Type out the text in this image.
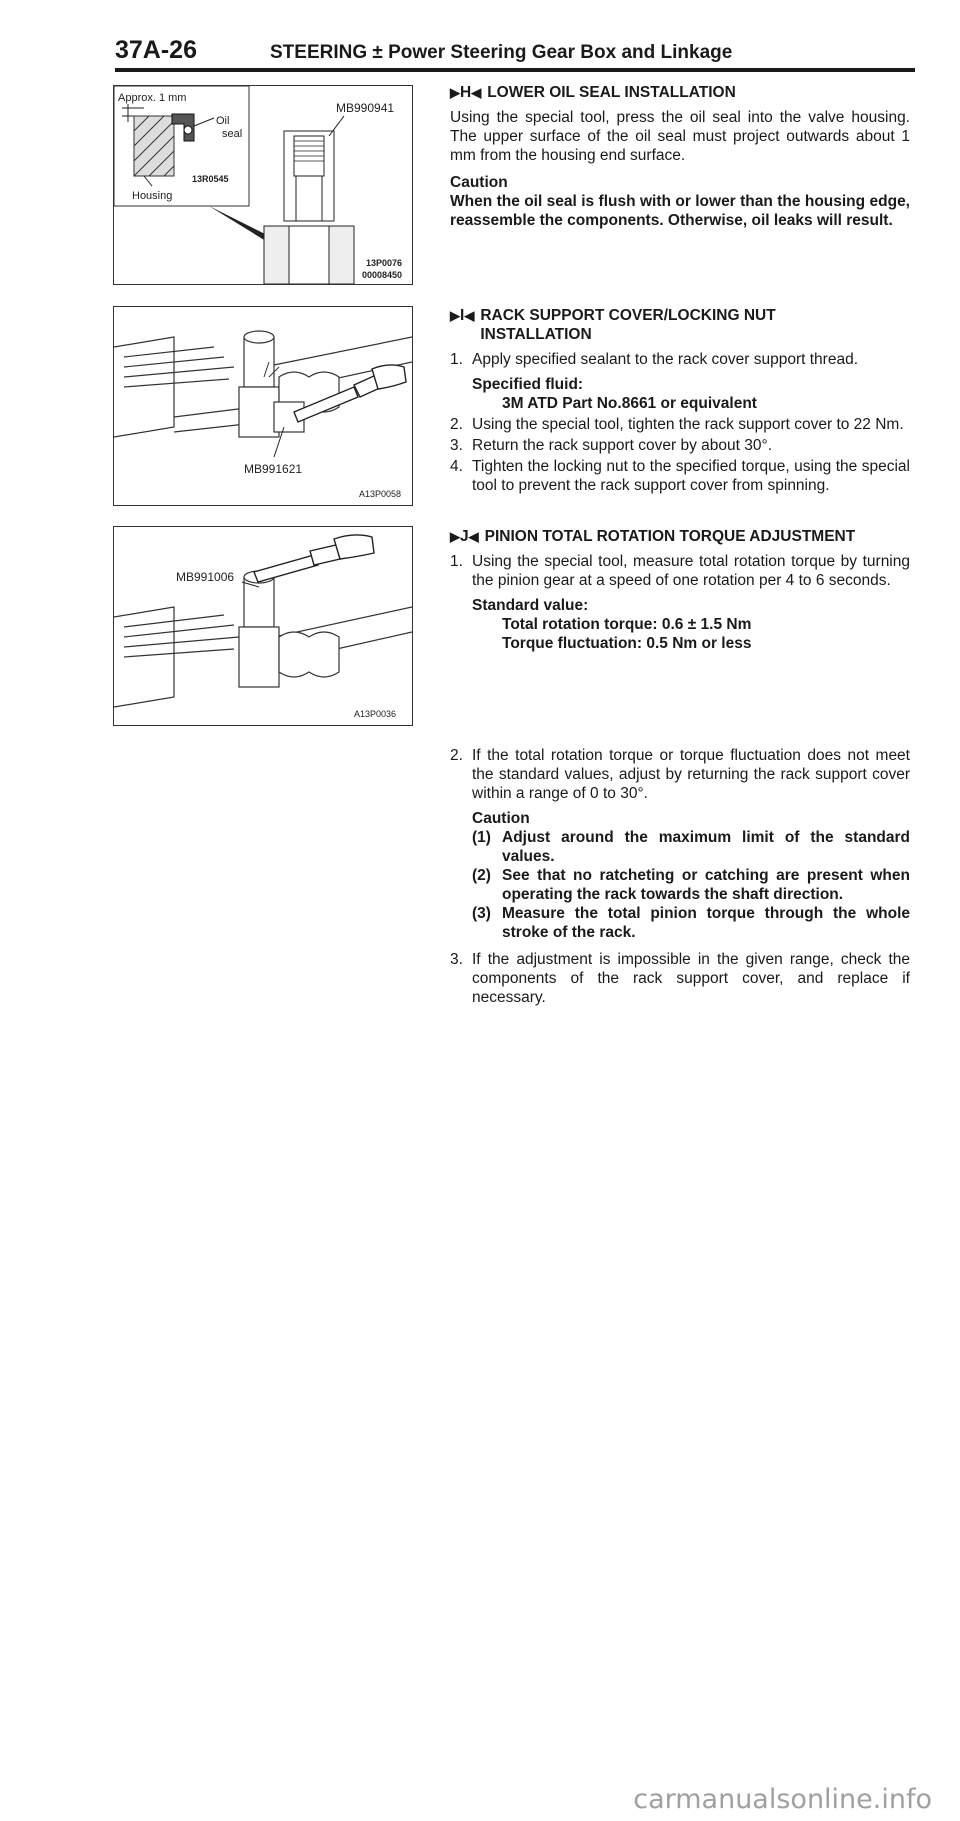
37A-26	STEERING ± Power Steering Gear Box and Linkage
Approx. 1 mm
Oil
seal
Housing
13R0545
MB990941
13P0076
00008450
MB991621
A13P0058
MB991006
A13P0036
▶ H ◀ LOWER OIL SEAL INSTALLATION
Using the special tool, press the oil seal into the valve housing. The upper surface of the oil seal must project outwards about 1 mm from the housing end surface.
Caution
When the oil seal is flush with or lower than the housing edge, reassemble the components. Otherwise, oil leaks will result.
▶ I ◀ RACK SUPPORT COVER/LOCKING NUT
INSTALLATION
1. Apply specified sealant to the rack cover support thread.
Specified fluid:
3M ATD Part No.8661 or equivalent
2. Using the special tool, tighten the rack support cover to 22 Nm.
3. Return the rack support cover by about 30°.
4. Tighten the locking nut to the specified torque, using the special tool to prevent the rack support cover from spinning.
▶ J ◀ PINION TOTAL ROTATION TORQUE ADJUSTMENT
1. Using the special tool, measure total rotation torque by turning the pinion gear at a speed of one rotation per 4 to 6 seconds.
Standard value:
Total rotation torque: 0.6 ± 1.5 Nm
Torque fluctuation: 0.5 Nm or less
2. If the total rotation torque or torque fluctuation does not meet the standard values, adjust by returning the rack support cover within a range of 0 to 30°.
Caution
(1) Adjust around the maximum limit of the standard values.
(2) See that no ratcheting or catching are present when operating the rack towards the shaft direction.
(3) Measure the total pinion torque through the whole stroke of the rack.
3. If the adjustment is impossible in the given range, check the components of the rack support cover, and replace if necessary.
carmanualsonline.info
